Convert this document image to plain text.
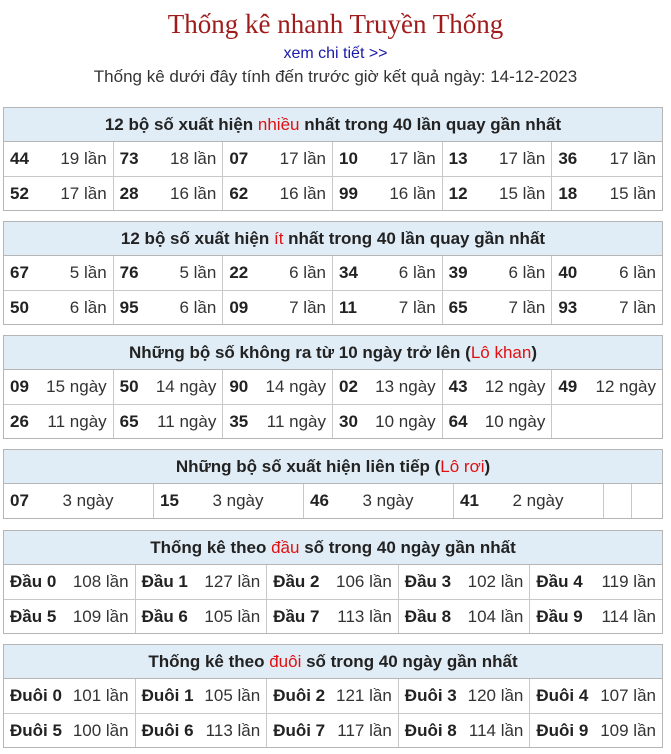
Thống kê nhanh Truyền Thống
xem chi tiết >>
Thống kê dưới đây tính đến trước giờ kết quả ngày: 14-12-2023
12 bộ số xuất hiện nhiều nhất trong 40 lần quay gần nhất
44 19 lần 73 18 lần 07 17 lần 10 17 lần 13 17 lần 36 17 lần
52 17 lần 28 16 lần 62 16 lần 99 16 lần 12 15 lần 18 15 lần
12 bộ số xuất hiện ít nhất trong 40 lần quay gần nhất
67 5 lần 76 5 lần 22 6 lần 34 6 lần 39 6 lần 40 6 lần
50 6 lần 95 6 lần 09 7 lần 11 7 lần 65 7 lần 93 7 lần
Những bộ số không ra từ 10 ngày trở lên (Lô khan)
09 15 ngày 50 14 ngày 90 14 ngày 02 13 ngày 43 12 ngày 49 12 ngày
26 11 ngày 65 11 ngày 35 11 ngày 30 10 ngày 64 10 ngày
Những bộ số xuất hiện liên tiếp (Lô rơi)
07 3 ngày	15 3 ngày	46 3 ngày	41 2 ngày
Thống kê theo đầu số trong 40 ngày gần nhất
Đầu 0 108 lần Đầu 1 127 lần Đầu 2 106 lần Đầu 3 102 lần Đầu 4 119 lần
Đầu 5 109 lần Đầu 6 105 lần Đầu 7 113 lần Đầu 8 104 lần Đầu 9 114 lần
Thống kê theo đuôi số trong 40 ngày gần nhất
Đuôi 0 101 lần Đuôi 1 105 lần Đuôi 2 121 lần Đuôi 3 120 lần Đuôi 4 107 lần
Đuôi 5 100 lần Đuôi 6 113 lần Đuôi 7 117 lần Đuôi 8 114 lần Đuôi 9 109 lần
